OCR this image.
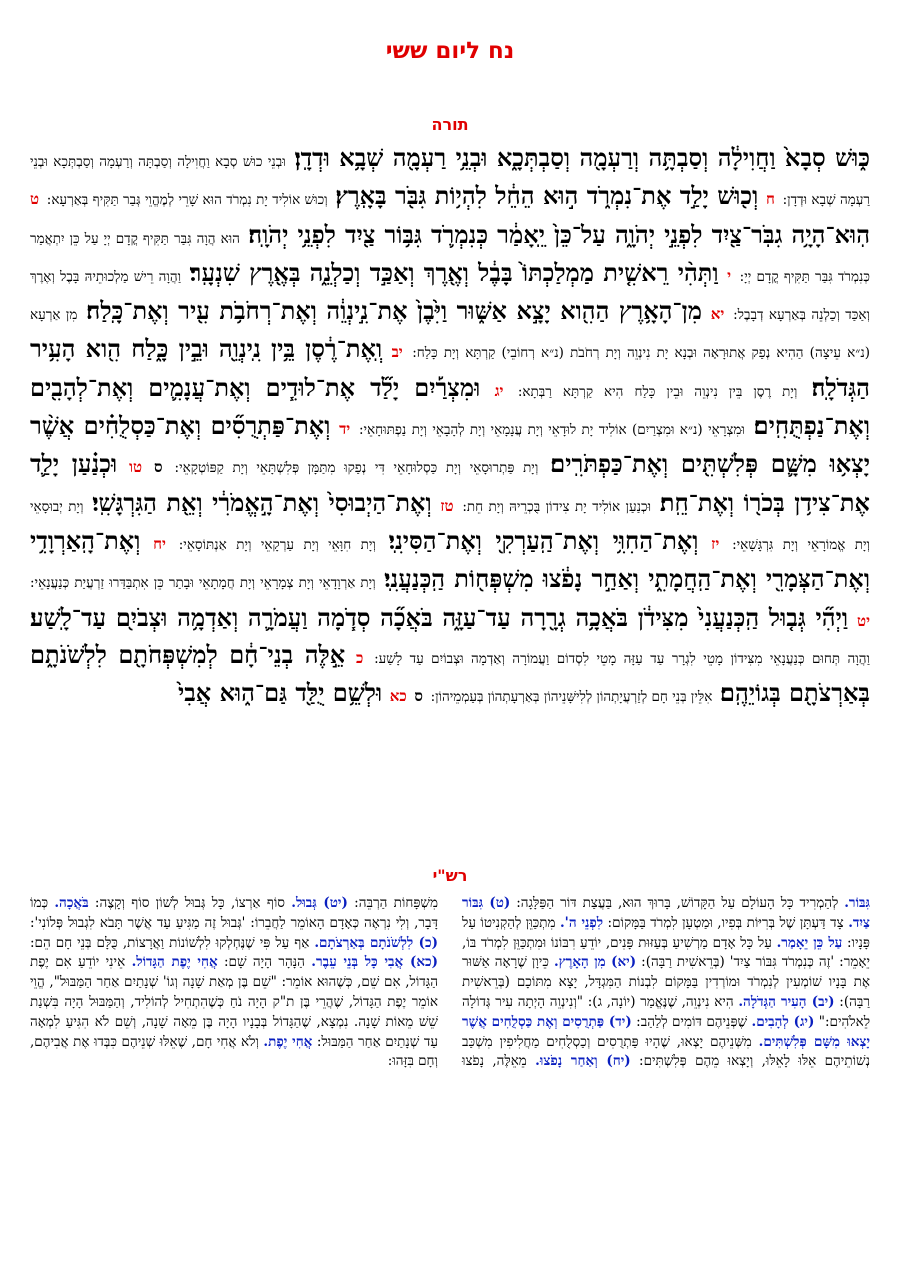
נח ליום ששי
תורה
כּ֑וּשׁ סְבָא֙ וַחֲוִילָ֔ה וְסַבְתָּ֥ה וְרַעְמָ֖ה וְסַבְתְּכָ֑א וּבְנֵ֥י רַעְמָ֖ה שְׁבָ֥א וּדְדָֽן׃ וּבְנֵי כוּשׁ סְבָא וַחֲוִילָה וְסַבְתָּה וְרַעְמָה וְסַבְתְּכָא וּבְנֵי רַעְמָה שְׁבָא וּדְדָן: ח וְכ֖וּשׁ יָלַ֣ד אֶת־נִמְרֹ֑ד ה֣וּא הֵחֵ֔ל לִהְי֥וֹת גִּבֹּ֖ר בָּאָֽרֶץ׃ וְכוּשׁ אוֹלִיד יָת נִמְרֹד הוּא שָׁרֵי לְמֶהֱוֵי גְּבַר תַּקִּיף בְּאַרְעָא: ט הֽוּא־הָיָ֥ה גִבֹּֽר־צַ֖יִד לִפְנֵ֣י יְהֹוָ֑ה עַל־כֵּן֙ יֵֽאָמַ֔ר כְּנִמְרֹ֛ד גִּבּ֥וֹר צַ֖יִד לִפְנֵ֥י יְהֹוָֽה׃ הוּא הֲוָה גִּבַּר תַּקִּיף קֳדָם יְיָ עַל כֵּן יִתְאֲמַר כְּנִמְרֹד גִּבַּר תַּקִּיף קֳדָם יְיָ: י וַתְּהִ֨י רֵאשִׁ֤ית מַמְלַכְתּוֹ֙ בָּבֶ֔ל וְאֶ֖רֶךְ וְאַכַּ֣ד וְכַלְנֵ֑ה בְּאֶ֖רֶץ שִׁנְעָֽר׃ וַהֲוָה רֵישׁ מַלְכוּתֵיהּ בָּבֶל וְאֶרֶךְ וְאַכַּד וְכַלְנֵה בְּאַרְעָא דְבָבֶל: יא מִן־הָאָ֥רֶץ הַהִ֖וא יָצָ֣א אַשּׁ֑וּר וַיִּ֙בֶן֙ אֶת־נִ֣ינְוֵ֔ה וְאֶת־רְחֹבֹ֥ת עִ֖יר וְאֶת־כָּֽלַח׃ מִן אַרְעָא (נ״א עֵיצָה) הַהִיא נְפַק אֲתוּרָאָה וּבְנָא יָת נִינְוֵה וְיָת רְחֹבֹת (נ״א רְחוֹבֵי) קַרְתָּא וְיָת כָּלַח: יב וְֽאֶת־רֶ֔סֶן בֵּ֥ין נִֽינְוֵ֖ה וּבֵ֣ין כָּ֑לַח הִ֖וא הָעִ֥יר הַגְּדֹלָֽה׃ וְיָת רֶסֶן בֵּין נִינְוֵה וּבֵין כָּלַח הִיא קַרְתָּא רַבְּתָא: יג וּמִצְרַ֡יִם יָלַ֞ד אֶת־לוּדִ֧ים וְאֶת־עֲנָמִ֛ים וְאֶת־לְהָבִ֖ים וְאֶת־נַפְתֻּחִֽים׃ וּמִצְרָאֵי (נ״א וּמִצְרַיִם) אוֹלִיד יָת לוּדָאֵי וְיָת עֲנָמָאֵי וְיָת לְהָבָאֵי וְיָת נַפְתּוּחָאֵי: יד וְאֶת־פַּתְרֻסִ֞ים וְאֶת־כַּסְלֻחִ֗ים אֲשֶׁ֨ר יָצְא֥וּ מִשָּׁ֛ם פְּלִשְׁתִּ֖ים וְאֶת־כַּפְתֹּרִֽים׃ וְיָת פַּתְרוּסָאֵי וְיָת כַּסְלוּחָאֵי דִּי נְפַקוּ מִתַּמָּן פְּלִשְׁתָּאֵי וְיָת קַפּוֹטְקָאֵי: ס טו וּכְנַ֗עַן יָלַ֛ד אֶת־צִיד֥ן בְּכֹר֖וֹ וְאֶת־חֵֽת׃ וּכְנַעַן אוֹלִיד יָת צִידוֹן בֻּכְרֵיהּ וְיָת חֵת: טז וְאֶת־הַיְבוּסִי֙ וְאֶת־הָ֣אֱמֹרִ֔י וְאֵ֖ת הַגִּרְגָּשִֽׁי׃ וְיָת יְבוּסָאֵי וְיָת אֱמוֹרָאֵי וְיָת גִּרְגָּשָׁאֵי: יז וְאֶת־הַחִוִּ֥י וְאֶת־הַֽעַרְקִ֖י וְאֶת־הַסִּינִֽי׃ וְיָת חִוָּאֵי וְיָת עַרְקָאֵי וְיָת אַנְתּוֹסָאֵי: יח וְאֶת־הָֽאַרְוָדִ֥י וְאֶת־הַצְּמָרִ֖י וְאֶת־הַֽחֲמָתִ֑י וְאַחַ֣ר נָפֹ֔צוּ מִשְׁפְּח֖וֹת הַֽכְּנַעֲנִֽי׃ וְיָת אַרְוָדָאֵי וְיָת צְמָרָאֵי וְיָת חֲמָתָאֵי וּבָתַר כֵּן אִתְבַּדַּרוּ זַרְעֲיַת כְּנַעֲנָאֵי: יט וַיְהִ֞י גְּב֤וּל הַֽכְּנַעֲנִי֙ מִצִּידֹ֔ן בֹּאֲכָ֥ה גְרָ֖רָה עַד־עַזָּ֑ה בֹּאֲכָ֞ה סְדֹ֧מָה וַעֲמֹרָ֛ה וְאַדְמָ֥ה וּצְבֹיִ֖ם עַד־לָֽשַׁע׃ וַהֲוָה תְּחוּם כְּנַעֲנָאֵי מִצִּידוֹן מָטֵי לִגְרָר עַד עַזָּה מָטֵי לִסְדוֹם וַעֲמוֹרָה וְאַדְמָה וּצְבוֹיִם עַד לָשַׁע: כ אֵ֣לֶּה בְנֵי־חָ֔ם לְמִשְׁפְּחֹתָ֖ם לִלְשֹׁנֹתָ֑ם בְּאַרְצֹתָ֖ם בְּגוֹיֵהֶֽם׃ אִלֵּין בְּנֵי חָם לְזַרְעֲיָתְהוֹן לְלִישָּׁנֵיהוֹן בְּאַרְעָתְהוֹן בְּעַמְמֵיהוֹן: ס כא וּלְשֵׁ֥ם יֻלַּ֖ד גַּם־ה֑וּא אֲבִי֙
רש"י
גִּבּוֹר. לְהַמְרִיד כָּל הָעוֹלָם עַל הַקָּדוֹשׁ, בָּרוּךְ הוּא, בַּעֲצַת דּוֹר הַפַּלָּגָה: (ט) גִּבּוֹר צַיִד. צָד דַּעְתָּן שֶׁל בְּרִיּוֹת בְּפִיו, וּמַטְעָן לִמְרֹד בַּמָּקוֹם: לִפְנֵי ה'. מִתְכַּוֵּן לְהַקְנִיטוֹ עַל פָּנָיו: עַל כֵּן יֵאָמַר. עַל כָּל אָדָם מַרְשִׁיעַ בְּעַזּוּת פָּנִים, יוֹדֵעַ רִבּוֹנוֹ וּמִתְכַּוֵּן לִמְרֹד בּוֹ, יֵאָמֵר: 'זֶה כְּנִמְרֹד גִּבּוֹר צַיִד' (בְּרֵאשִׁית רַבָּה): (יא) מִן הָאָרֶץ. כֵּיוָן שֶׁרָאָה אַשּׁוּר אֶת בָּנָיו שׁוֹמְעִין לְנִמְרֹד וּמוֹרְדִין בַּמָּקוֹם לִבְנוֹת הַמִּגְדָּל, יָצָא מִתּוֹכָם (בְּרֵאשִׁית רַבָּה): (יב) הָעִיר הַגְּדֹלָה. הִיא נִינְוֵה, שֶׁנֶּאֱמַר (יוֹנָה, ג): "וְנִינְוֵה הָיְתָה עִיר גְּדוֹלָה לֵאלֹהִים:" (יג) לְהָבִים. שֶׁפְּנֵיהֶם דּוֹמִים לְלַהַב: (יד) פַּתְרֻסִים וְאֶת כַּסְלֻחִים אֲשֶׁר יָצְאוּ מִשָּׁם פְּלִשְׁתִּים. מִשְּׁנֵיהֶם יָצְאוּ, שֶׁהָיוּ פַּתְרֻסִים וְכַסְלֻחִים מַחֲלִיפִין מִשְׁכַּב נְשׁוֹתֵיהֶם אֵלּוּ לָאֵלּוּ, וְיָצְאוּ מֵהֶם פְּלִשְׁתִּים: (יח) וְאַחַר נָפֹצוּ. מֵאֵלֶּה, נָפֹצוּ מִשְׁפָּחוֹת הַרְבֵּה: (יט) גְּבוּל. סוֹף אַרְצוֹ, כָּל גְּבוּל לְשׁוֹן סוֹף וְקָצֶה: בֹּאֲכָה. כְּמוֹ דָּבָר, וְלִי נִרְאֶה כְּאָדָם הָאוֹמֵר לַחֲבֵרוֹ: 'גְּבוּל זֶה מַגִּיעַ עַד אֲשֶׁר תָּבֹא לִגְבוּל פְּלוֹנִי': (כ) לִלְשֹׁנֹתָם בְּאַרְצֹתָם. אַף עַל פִּי שֶׁנֶּחְלְקוּ לִלְשׁוֹנוֹת וַאֲרָצוֹת, כֻּלָּם בְּנֵי חָם הֵם: (כא) אֲבִי כָּל בְּנֵי עֵבֶר. הַנָּהָר הָיָה שָׁם: אֲחִי יֶפֶת הַגָּדוֹל. אֵינִי יוֹדֵעַ אִם יֶפֶת הַגָּדוֹל, אִם שֵׁם, כְּשֶׁהוּא אוֹמֵר: "שֵׁם בֶּן מְאַת שָׁנָה וְגוֹ' שְׁנָתַיִם אַחַר הַמַּבּוּל", הֱוֵי אוֹמֵר יֶפֶת הַגָּדוֹל, שֶׁהֲרֵי בֶּן ת"ק הָיָה נֹחַ כְּשֶׁהִתְחִיל לְהוֹלִיד, וְהַמַּבּוּל הָיָה בִּשְׁנַת שֵׁשׁ מֵאוֹת שָׁנָה. נִמְצָא, שֶׁהַגָּדוֹל בְּבָנָיו הָיָה בֶּן מֵאָה שָׁנָה, וְשֵׁם לֹא הִגִּיעַ לִמְאָה עַד שְׁנָתַיִם אַחַר הַמַּבּוּל: אֲחִי יֶפֶת. וְלֹא אֲחִי חָם, שֶׁאֵלּוּ שְׁנֵיהֶם כִּבְּדוּ אֶת אֲבִיהֶם, וְחָם בִּזָּהוּ:
